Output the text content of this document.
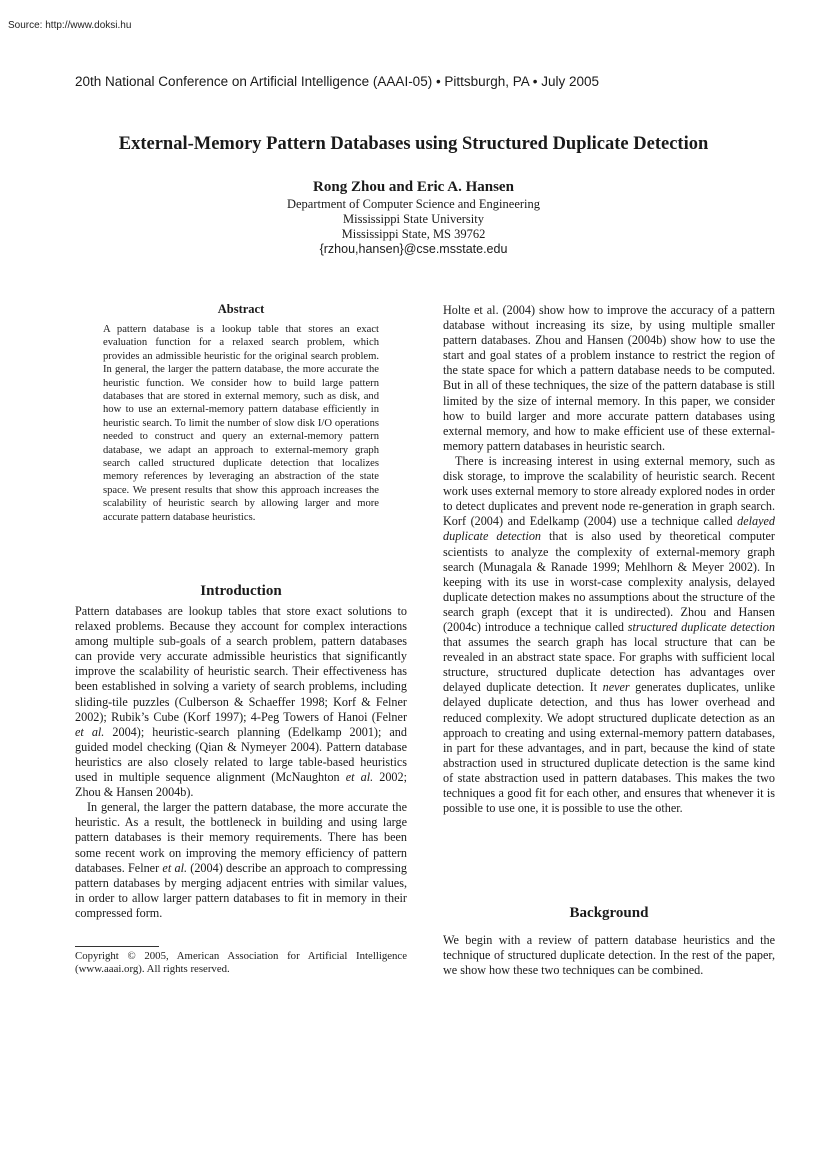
Source: http://www.doksi.hu
20th National Conference on Artificial Intelligence (AAAI-05) • Pittsburgh, PA • July 2005
External-Memory Pattern Databases using Structured Duplicate Detection
Rong Zhou and Eric A. Hansen
Department of Computer Science and Engineering
Mississippi State University
Mississippi State, MS 39762
{rzhou,hansen}@cse.msstate.edu
Abstract
A pattern database is a lookup table that stores an exact evaluation function for a relaxed search problem, which provides an admissible heuristic for the original search problem. In general, the larger the pattern database, the more accurate the heuristic function. We consider how to build large pattern databases that are stored in external memory, such as disk, and how to use an external-memory pattern database efficiently in heuristic search. To limit the number of slow disk I/O operations needed to construct and query an external-memory pattern database, we adapt an approach to external-memory graph search called structured duplicate detection that localizes memory references by leveraging an abstraction of the state space. We present results that show this approach increases the scalability of heuristic search by allowing larger and more accurate pattern database heuristics.
Introduction

Pattern databases are lookup tables that store exact solutions to relaxed problems. Because they account for complex interactions among multiple sub-goals of a search problem, pattern databases can provide very accurate admissible heuristics that significantly improve the scalability of heuristic search. Their effectiveness has been established in solving a variety of search problems, including sliding-tile puzzles (Culberson & Schaeffer 1998; Korf & Felner 2002); Rubik’s Cube (Korf 1997); 4-Peg Towers of Hanoi (Felner et al. 2004); heuristic-search planning (Edelkamp 2001); and guided model checking (Qian & Nymeyer 2004). Pattern database heuristics are also closely related to large table-based heuristics used in multiple sequence alignment (McNaughton et al. 2002; Zhou & Hansen 2004b).

In general, the larger the pattern database, the more accurate the heuristic. As a result, the bottleneck in building and using large pattern databases is their memory requirements. There has been some recent work on improving the memory efficiency of pattern databases. Felner et al. (2004) describe an approach to compressing pattern databases by merging adjacent entries with similar values, in order to allow larger pattern databases to fit in memory in their compressed form.

Copyright © 2005, American Association for Artificial Intelligence (www.aaai.org). All rights reserved.

Holte et al. (2004) show how to improve the accuracy of a pattern database without increasing its size, by using multiple smaller pattern databases. Zhou and Hansen (2004b) show how to use the start and goal states of a problem instance to restrict the region of the state space for which a pattern database needs to be computed. But in all of these techniques, the size of the pattern database is still limited by the size of internal memory. In this paper, we consider how to build larger and more accurate pattern databases using external memory, and how to make efficient use of these external-memory pattern databases in heuristic search.

There is increasing interest in using external memory, such as disk storage, to improve the scalability of heuristic search. Recent work uses external memory to store already explored nodes in order to detect duplicates and prevent node re-generation in graph search. Korf (2004) and Edelkamp (2004) use a technique called delayed duplicate detection that is also used by theoretical computer scientists to analyze the complexity of external-memory graph search (Munagala & Ranade 1999; Mehlhorn & Meyer 2002). In keeping with its use in worst-case complexity analysis, delayed duplicate detection makes no assumptions about the structure of the search graph (except that it is undirected). Zhou and Hansen (2004c) introduce a technique called structured duplicate detection that assumes the search graph has local structure that can be revealed in an abstract state space. For graphs with sufficient local structure, structured duplicate detection has advantages over delayed duplicate detection. It never generates duplicates, unlike delayed duplicate detection, and thus has lower overhead and reduced complexity. We adopt structured duplicate detection as an approach to creating and using external-memory pattern databases, in part for these advantages, and in part, because the kind of state abstraction used in structured duplicate detection is the same kind of state abstraction used in pattern databases. This makes the two techniques a good fit for each other, and ensures that whenever it is possible to use one, it is possible to use the other.

Background

We begin with a review of pattern database heuristics and the technique of structured duplicate detection. In the rest of the paper, we show how these two techniques can be combined.
